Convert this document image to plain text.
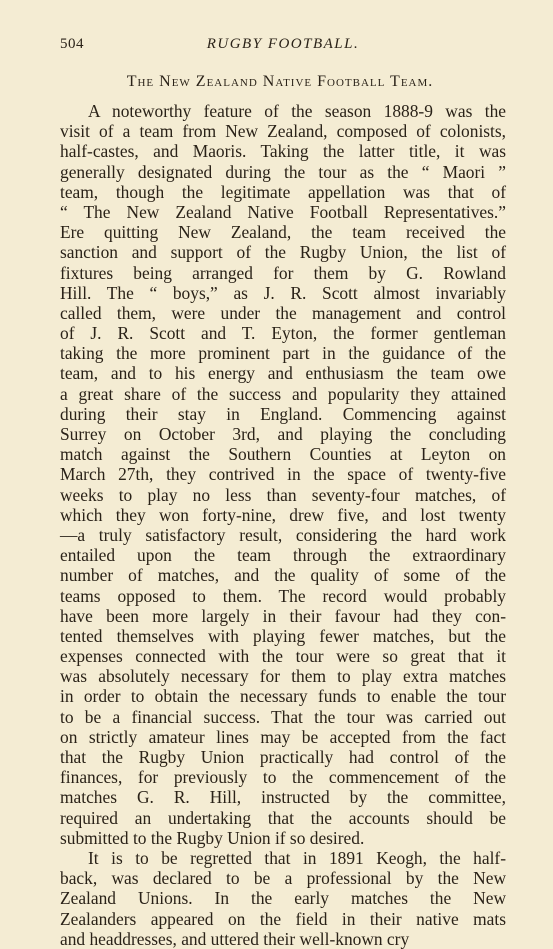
504	RUGBY FOOTBALL.
The New Zealand Native Football Team.
A noteworthy feature of the season 1888-9 was the
visit of a team from New Zealand, composed of colonists,
half-castes, and Maoris. Taking the latter title, it was
generally designated during the tour as the “ Maori ”
team, though the legitimate appellation was that of
“ The New Zealand Native Football Representatives.”
Ere quitting New Zealand, the team received the
sanction and support of the Rugby Union, the list of
fixtures being arranged for them by G. Rowland
Hill. The “ boys,” as J. R. Scott almost invariably
called them, were under the management and control
of J. R. Scott and T. Eyton, the former gentleman
taking the more prominent part in the guidance of the
team, and to his energy and enthusiasm the team owe
a great share of the success and popularity they attained
during their stay in England. Commencing against
Surrey on October 3rd, and playing the concluding
match against the Southern Counties at Leyton on
March 27th, they contrived in the space of twenty-five
weeks to play no less than seventy-four matches, of
which they won forty-nine, drew five, and lost twenty
—a truly satisfactory result, considering the hard work
entailed upon the team through the extraordinary
number of matches, and the quality of some of the
teams opposed to them. The record would probably
have been more largely in their favour had they con-
tented themselves with playing fewer matches, but the
expenses connected with the tour were so great that it
was absolutely necessary for them to play extra matches
in order to obtain the necessary funds to enable the tour
to be a financial success. That the tour was carried out
on strictly amateur lines may be accepted from the fact
that the Rugby Union practically had control of the
finances, for previously to the commencement of the
matches G. R. Hill, instructed by the committee,
required an undertaking that the accounts should be
submitted to the Rugby Union if so desired.
It is to be regretted that in 1891 Keogh, the half-
back, was declared to be a professional by the New
Zealand Unions. In the early matches the New
Zealanders appeared on the field in their native mats
and headdresses, and uttered their well-known cry
